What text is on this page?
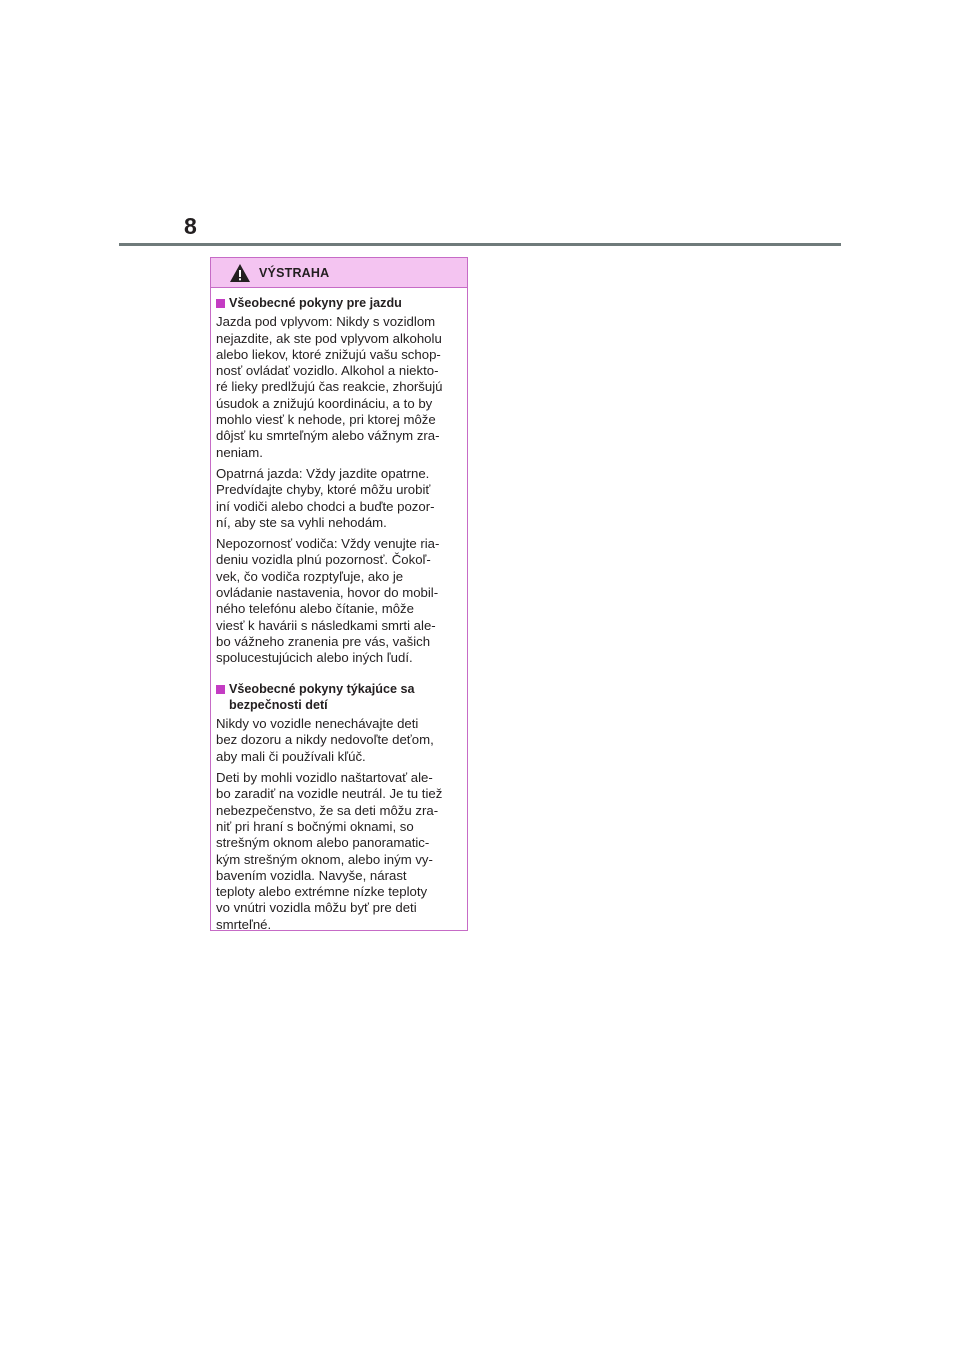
8
VÝSTRAHA
Všeobecné pokyny pre jazdu

Jazda pod vplyvom: Nikdy s vozidlom
nejazdite, ak ste pod vplyvom alkoholu
alebo liekov, ktoré znižujú vašu schop-
nosť ovládať vozidlo. Alkohol a niekto-
ré lieky predlžujú čas reakcie, zhoršujú
úsudok a znižujú koordináciu, a to by
mohlo viesť k nehode, pri ktorej môže
dôjsť ku smrteľným alebo vážnym zra-
neniam.

Opatrná jazda: Vždy jazdite opatrne.
Predvídajte chyby, ktoré môžu urobiť
iní vodiči alebo chodci a buďte pozor-
ní, aby ste sa vyhli nehodám.

Nepozornosť vodiča: Vždy venujte ria-
deniu vozidla plnú pozornosť. Čokoľ-
vek, čo vodiča rozptyľuje, ako je
ovládanie nastavenia, hovor do mobil-
ného telefónu alebo čítanie, môže
viesť k havárii s následkami smrti ale-
bo vážneho zranenia pre vás, vašich
spolucestujúcich alebo iných ľudí.

Všeobecné pokyny týkajúce sa
bezpečnosti detí

Nikdy vo vozidle nenechávajte deti
bez dozoru a nikdy nedovoľte deťom,
aby mali či používali kľúč.

Deti by mohli vozidlo naštartovať ale-
bo zaradiť na vozidle neutrál. Je tu tiež
nebezpečenstvo, že sa deti môžu zra-
niť pri hraní s bočnými oknami, so
strešným oknom alebo panoramatic-
kým strešným oknom, alebo iným vy-
bavením vozidla. Navyše, nárast
teploty alebo extrémne nízke teploty
vo vnútri vozidla môžu byť pre deti
smrteľné.
